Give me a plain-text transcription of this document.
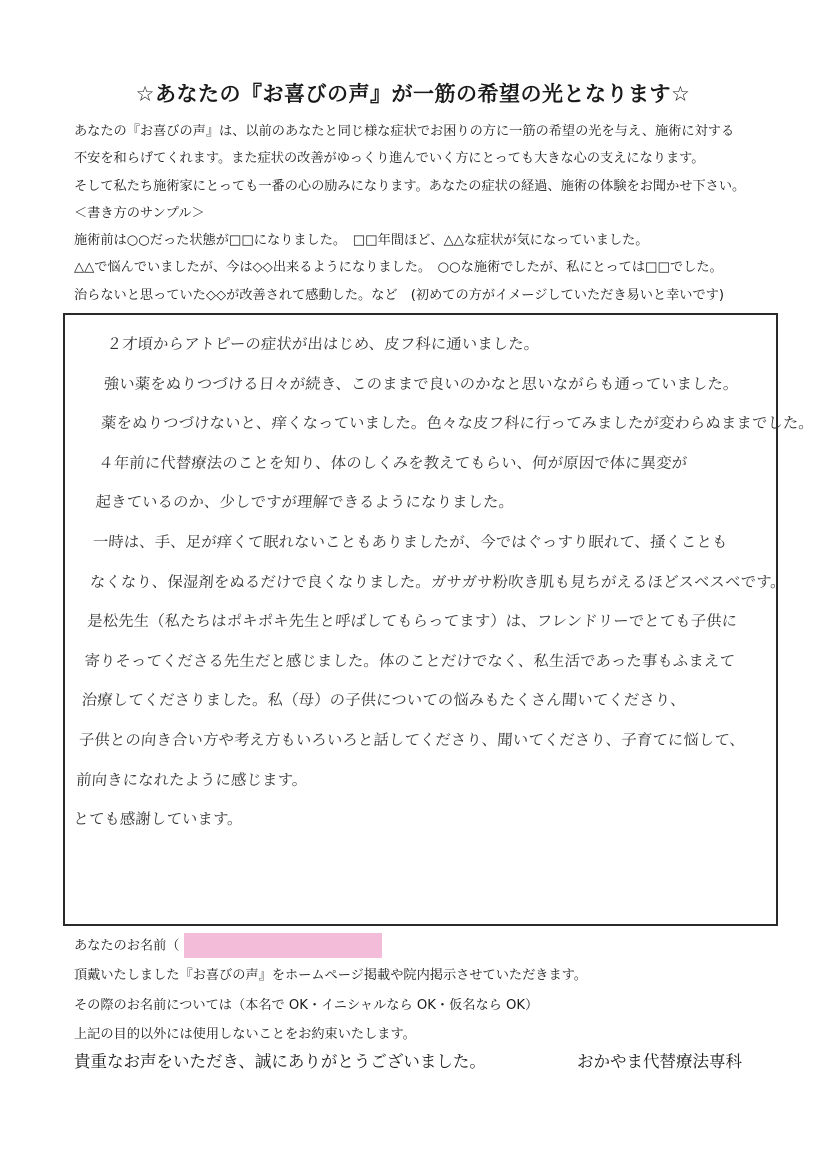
☆あなたの『お喜びの声』が一筋の希望の光となります☆
あなたの『お喜びの声』は、以前のあなたと同じ様な症状でお困りの方に一筋の希望の光を与え、施術に対する
不安を和らげてくれます。また症状の改善がゆっくり進んでいく方にとっても大きな心の支えになります。
そして私たち施術家にとっても一番の心の励みになります。あなたの症状の経過、施術の体験をお聞かせ下さい。
＜書き方のサンプル＞
施術前は○○だった状態が□□になりました。　□□年間ほど、△△な症状が気になっていました。
△△で悩んでいましたが、今は◇◇出来るようになりました。　○○な施術でしたが、私にとっては□□でした。
治らないと思っていた◇◇が改善されて感動した。など　(初めての方がイメージしていただき易いと幸いです)
２才頃からアトピーの症状が出はじめ、皮フ科に通いました。
強い薬をぬりつづける日々が続き、このままで良いのかなと思いながらも通っていました。
薬をぬりつづけないと、痒くなっていました。色々な皮フ科に行ってみましたが変わらぬままでした。
４年前に代替療法のことを知り、体のしくみを教えてもらい、何が原因で体に異変が
起きているのか、少しですが理解できるようになりました。
一時は、手、足が痒くて眠れないこともありましたが、今ではぐっすり眠れて、掻くことも
なくなり、保湿剤をぬるだけで良くなりました。ガサガサ粉吹き肌も見ちがえるほどスベスベです。
是松先生（私たちはポキポキ先生と呼ばしてもらってます）は、フレンドリーでとても子供に
寄りそってくださる先生だと感じました。体のことだけでなく、私生活であった事もふまえて
治療してくださりました。私（母）の子供についての悩みもたくさん聞いてくださり、
子供との向き合い方や考え方もいろいろと話してくださり、聞いてくださり、子育てに悩して、
前向きになれたように感じます。
とても感謝しています。
あなたのお名前（
頂戴いたしました『お喜びの声』をホームページ掲載や院内掲示させていただきます。
その際のお名前については（本名で OK・イニシャルなら OK・仮名なら OK）
上記の目的以外には使用しないことをお約束いたします。
貴重なお声をいただき、誠にありがとうございました。	おかやま代替療法専科
